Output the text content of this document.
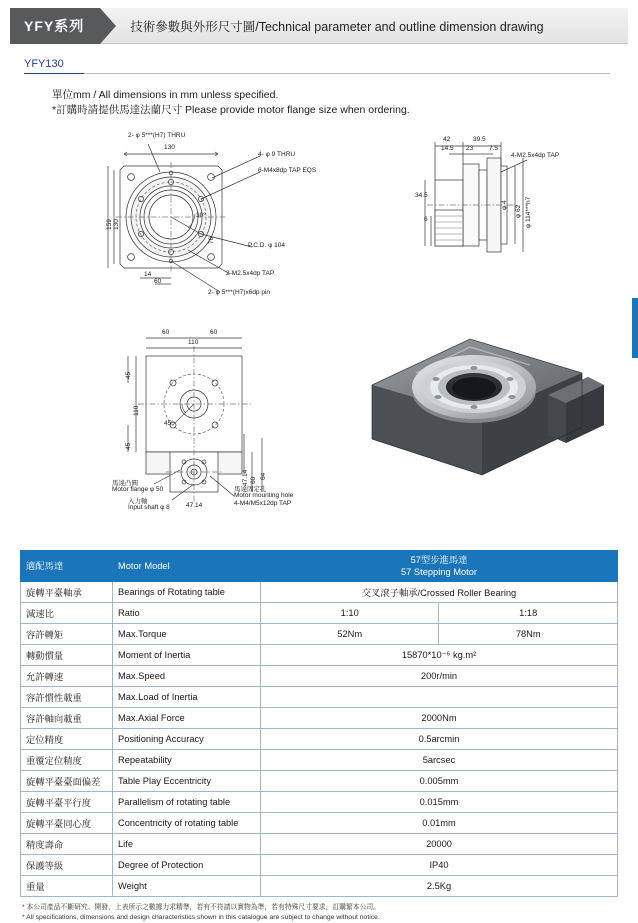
YFY系列	技術參數與外形尺寸圖/Technical parameter and outline dimension drawing
YFY130
單位mm / All dimensions in mm unless specified.
*訂購時請提供馬達法蘭尺寸 Please provide motor flange size when ordering.
2- φ 5***(H7) THRU
130
4- φ 9 THRU
6-M4x8dp TAP EQS
159 130
30°
76
P.C.D. φ 104
2-M2.5x4dp TAP
14
60
2- φ 5***(H7)x6dp pin
42	39.5
14.5 23 7.5
4-M2.5x4dp TAP
34.5
6
φ 62
φ 4	φ 114***h7
60	60
110
45
110
45
64
47.14 60
45°
47.14
馬達凸圓
Motor flange φ 50
入力軸
Input shaft φ 8
馬達固定孔
Motor mounting hole
4-M4/M5x12dp TAP
適配馬達	Motor Model	57型步進馬達
57 Stepping Motor	

旋轉平臺軸承	Bearings of Rotating table	交叉滾子軸承/Crossed Roller Bearing	
減速比	Ratio	1:10	1:18
容許轉矩	Max.Torque	52Nm	78Nm
轉動慣量	Moment of Inertia	15870*10⁻⁶ kg.m²	
允許轉速	Max.Speed	200r/min	
容許慣性載重	Max.Load of Inertia		
容許軸向載重	Max.Axial Force	2000Nm	
定位精度	Positioning Accuracy	0.5arcmin	
重覆定位精度	Repeatability	5arcsec	
旋轉平臺臺面偏差	Table Play Eccentricity	0.005mm	
旋轉平臺平行度	Parallelism of rotating table	0.015mm	
旋轉平臺同心度	Concentricity of rotating table	0.01mm	
精度壽命	Life	20000	
保護等級	Degree of Protection	IP40	
重量	Weight	2.5Kg	
* 本公司產品不斷研究、開發，上表所示之數據力求精準，若有不符請以實物為準，若有特殊尺寸要求，訂購繁本公司。
* All specifications, dimensions and design characteristics shown in this catalogue are subject to change without notice.
